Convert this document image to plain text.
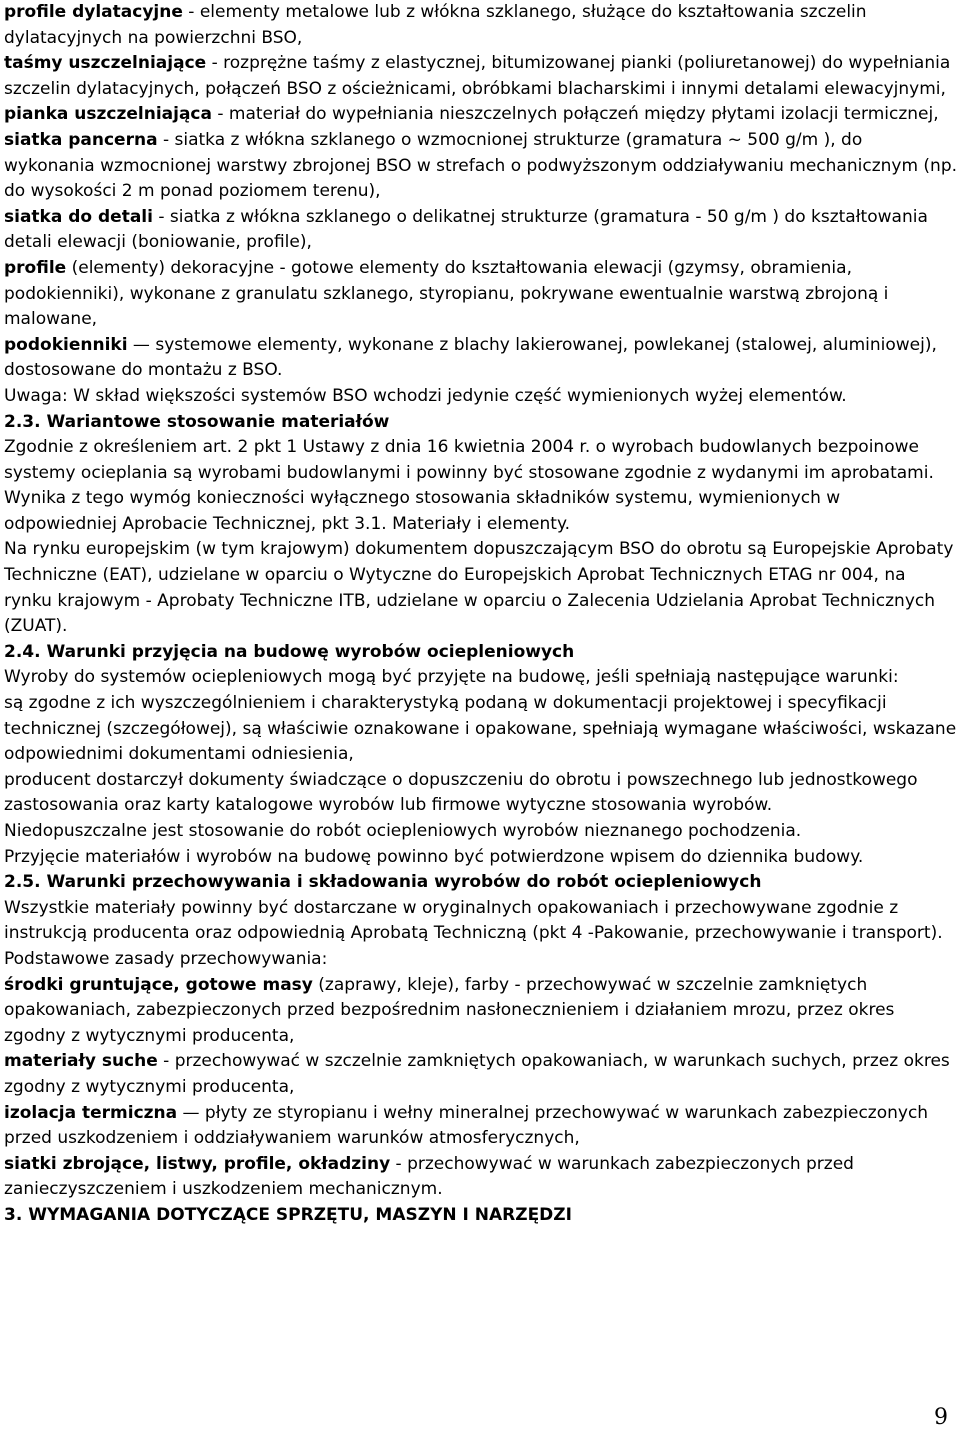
profile dylatacyjne - elementy metalowe lub z włókna szklanego, służące do kształtowania szczelin dylatacyjnych na powierzchni BSO,

taśmy uszczelniające - rozprężne taśmy z elastycznej, bitumizowanej pianki (poliuretanowej) do wypełniania szczelin dylatacyjnych, połączeń BSO z ościeżnicami, obróbkami blacharskimi i innymi detalami elewacyjnymi,

pianka uszczelniająca - materiał do wypełniania nieszczelnych połączeń między płytami izolacji termicznej,

siatka pancerna - siatka z włókna szklanego o wzmocnionej strukturze (gramatura ~ 500 g/m ), do wykonania wzmocnionej warstwy zbrojonej BSO w strefach o podwyższonym oddziaływaniu mechanicznym (np. do wysokości 2 m ponad poziomem terenu),

siatka do detali - siatka z włókna szklanego o delikatnej strukturze (gramatura - 50 g/m ) do kształtowania detali elewacji (boniowanie, profile),

profile (elementy) dekoracyjne - gotowe elementy do kształtowania elewacji (gzymsy, obramienia, podokienniki), wykonane z granulatu szklanego, styropianu, pokrywane ewentualnie warstwą zbrojoną i malowane,

podokienniki — systemowe elementy, wykonane z blachy lakierowanej, powlekanej (stalowej, aluminiowej), dostosowane do montażu z BSO.

Uwaga: W skład większości systemów BSO wchodzi jedynie część wymienionych wyżej elementów.

2.3. Wariantowe stosowanie materiałów

Zgodnie z określeniem art. 2 pkt 1 Ustawy z dnia 16 kwietnia 2004 r. o wyrobach budowlanych bezpoinowe systemy ocieplania są wyrobami budowlanymi i powinny być stosowane zgodnie z wydanymi im aprobatami. Wynika z tego wymóg konieczności wyłącznego stosowania składników systemu, wymienionych w odpowiedniej Aprobacie Technicznej, pkt 3.1. Materiały i elementy.

Na rynku europejskim (w tym krajowym) dokumentem dopuszczającym BSO do obrotu są Europejskie Aprobaty Techniczne (EAT), udzielane w oparciu o Wytyczne do Europejskich Aprobat Technicznych ETAG nr 004, na rynku krajowym - Aprobaty Techniczne ITB, udzielane w oparciu o Zalecenia Udzielania Aprobat Technicznych (ZUAT).

2.4. Warunki przyjęcia na budowę wyrobów ociepleniowych

Wyroby do systemów ociepleniowych mogą być przyjęte na budowę, jeśli spełniają następujące warunki:

są zgodne z ich wyszczególnieniem i charakterystyką podaną w dokumentacji projektowej i specyfikacji technicznej (szczegółowej), są właściwie oznakowane i opakowane, spełniają wymagane właściwości, wskazane odpowiednimi dokumentami odniesienia,

producent dostarczył dokumenty świadczące o dopuszczeniu do obrotu i powszechnego lub jednostkowego zastosowania oraz karty katalogowe wyrobów lub firmowe wytyczne stosowania wyrobów.

Niedopuszczalne jest stosowanie do robót ociepleniowych wyrobów nieznanego pochodzenia.

Przyjęcie materiałów i wyrobów na budowę powinno być potwierdzone wpisem do dziennika budowy.

2.5. Warunki przechowywania i składowania wyrobów do robót ociepleniowych

Wszystkie materiały powinny być dostarczane w oryginalnych opakowaniach i przechowywane zgodnie z instrukcją producenta oraz odpowiednią Aprobatą Techniczną (pkt 4 -Pakowanie, przechowywanie i transport).

Podstawowe zasady przechowywania:

środki gruntujące, gotowe masy (zaprawy, kleje), farby - przechowywać w szczelnie zamkniętych opakowaniach, zabezpieczonych przed bezpośrednim nasłonecznieniem i działaniem mrozu, przez okres zgodny z wytycznymi producenta,

materiały suche - przechowywać w szczelnie zamkniętych opakowaniach, w warunkach suchych, przez okres zgodny z wytycznymi producenta,

izolacja termiczna — płyty ze styropianu i wełny mineralnej przechowywać w warunkach zabezpieczonych przed uszkodzeniem i oddziaływaniem warunków atmosferycznych,

siatki zbrojące, listwy, profile, okładziny - przechowywać w warunkach zabezpieczonych przed zanieczyszczeniem i uszkodzeniem mechanicznym.

3. WYMAGANIA DOTYCZĄCE SPRZĘTU, MASZYN I NARZĘDZI

9
